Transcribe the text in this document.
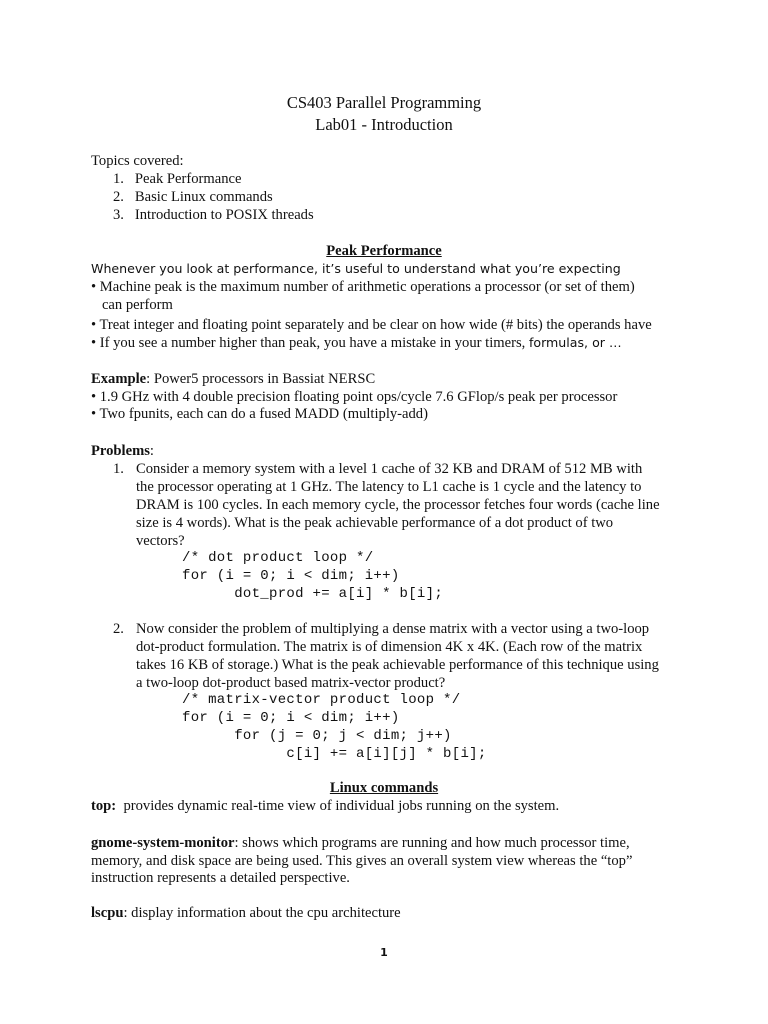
CS403 Parallel Programming
Lab01 - Introduction
Topics covered:
1.   Peak Performance
2.   Basic Linux commands
3.   Introduction to POSIX threads
Peak Performance
Whenever you look at performance, it’s useful to understand what you’re expecting
• Machine peak is the maximum number of arithmetic operations a processor (or set of them)
can perform
• Treat integer and floating point separately and be clear on how wide (# bits) the operands have
• If you see a number higher than peak, you have a mistake in your timers, formulas, or …
Example: Power5 processors in Bassiat NERSC
• 1.9 GHz with 4 double precision floating point ops/cycle 7.6 GFlop/s peak per processor
• Two fpunits, each can do a fused MADD (multiply-add)
Problems:
1. Consider a memory system with a level 1 cache of 32 KB and DRAM of 512 MB with
the processor operating at 1 GHz. The latency to L1 cache is 1 cycle and the latency to
DRAM is 100 cycles. In each memory cycle, the processor fetches four words (cache line
size is 4 words). What is the peak achievable performance of a dot product of two
vectors?
/* dot product loop */
for (i = 0; i < dim; i++)
dot_prod += a[i] * b[i];
2. Now consider the problem of multiplying a dense matrix with a vector using a two-loop
dot-product formulation. The matrix is of dimension 4K x 4K. (Each row of the matrix
takes 16 KB of storage.) What is the peak achievable performance of this technique using
a two-loop dot-product based matrix-vector product?
/* matrix-vector product loop */
for (i = 0; i < dim; i++)
for (j = 0; j < dim; j++)
c[i] += a[i][j] * b[i];
Linux commands
top:  provides dynamic real-time view of individual jobs running on the system.
gnome-system-monitor: shows which programs are running and how much processor time,
memory, and disk space are being used. This gives an overall system view whereas the “top”
instruction represents a detailed perspective.
lscpu: display information about the cpu architecture
1
